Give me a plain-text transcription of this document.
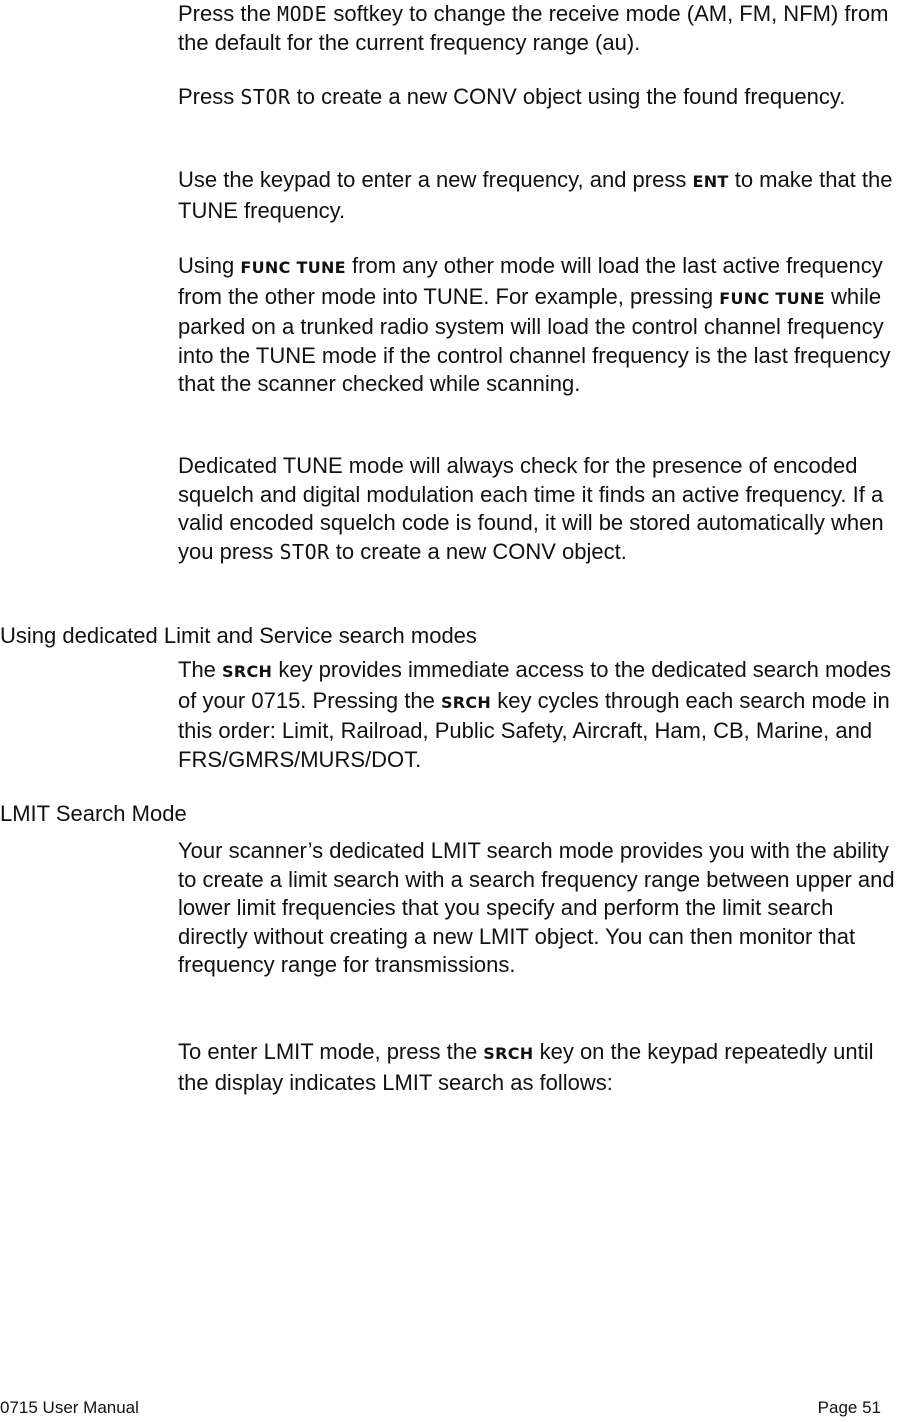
Press the MODE softkey to change the receive mode (AM, FM, NFM) from the default for the current frequency range (au).

Press STOR to create a new CONV object using the found frequency.

Use the keypad to enter a new frequency, and press ENT to make that the TUNE frequency.

Using FUNC TUNE from any other mode will load the last active frequency from the other mode into TUNE. For example, pressing FUNC TUNE while parked on a trunked radio system will load the control channel frequency into the TUNE mode if the control channel frequency is the last frequency that the scanner checked while scanning.

Dedicated TUNE mode will always check for the presence of encoded squelch and digital modulation each time it finds an active frequency. If a valid encoded squelch code is found, it will be stored automatically when you press STOR to create a new CONV object.

Using dedicated Limit and Service search modes

The SRCH key provides immediate access to the dedicated search modes of your 0715. Pressing the SRCH key cycles through each search mode in this order: Limit, Railroad, Public Safety, Aircraft, Ham, CB, Marine, and FRS/GMRS/MURS/DOT.

LMIT Search Mode

Your scanner’s dedicated LMIT search mode provides you with the ability to create a limit search with a search frequency range between upper and lower limit frequencies that you specify and perform the limit search directly without creating a new LMIT object. You can then monitor that frequency range for transmissions.

To enter LMIT mode, press the SRCH key on the keypad repeatedly until the display indicates LMIT search as follows:

0715 User Manual	Page 51
